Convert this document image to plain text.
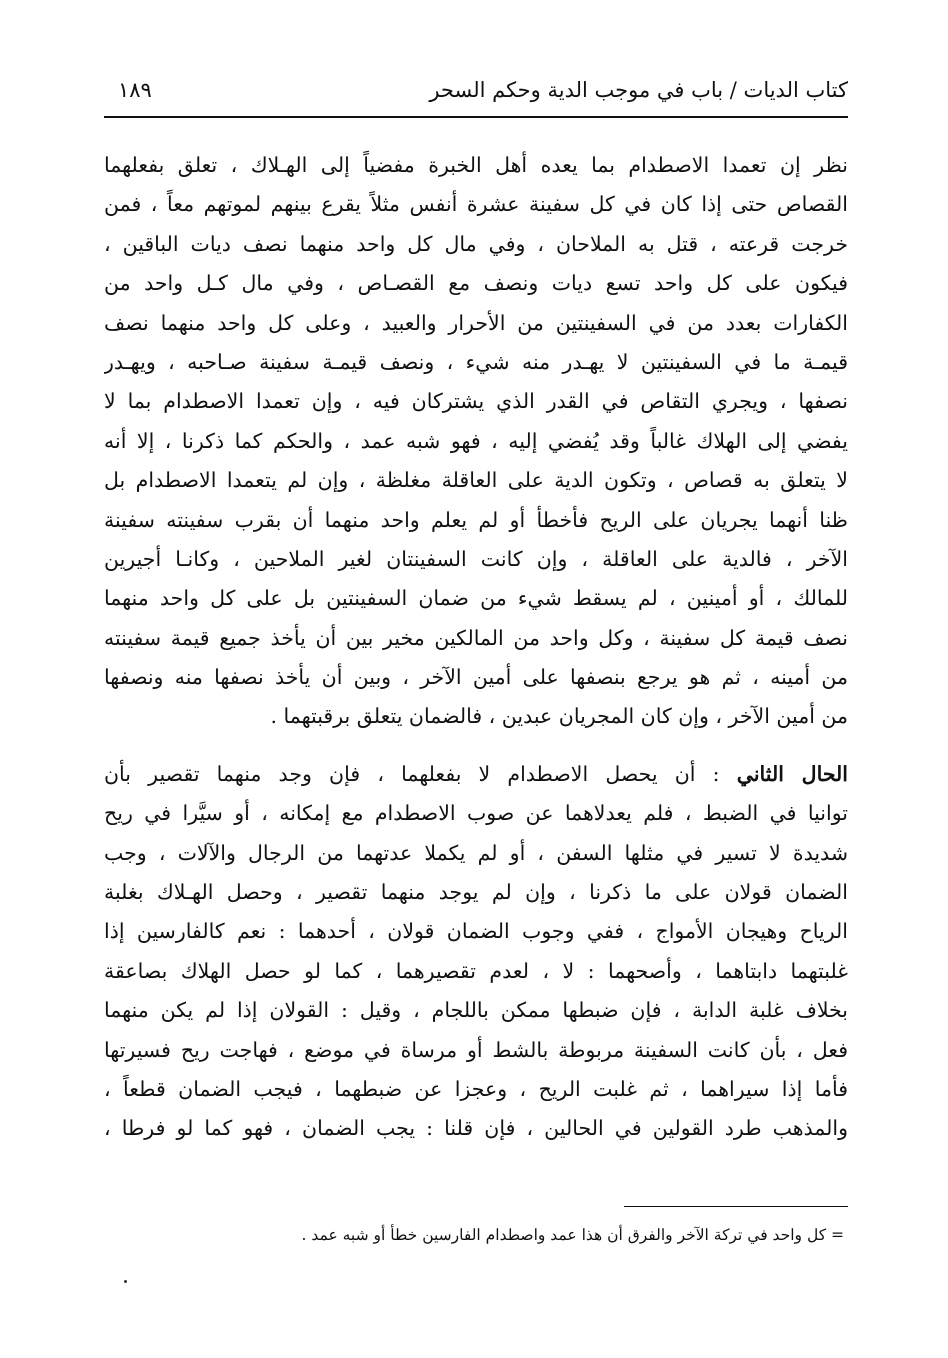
كتاب الديات / باب في موجب الدية وحكم السحر
١٨٩
نظر إن تعمدا الاصطدام بما يعده أهل الخبرة مفضياً إلى الهـلاك ، تعلق بفعلهما
القصاص حتى إذا كان في كل سفينة عشرة أنفس مثلاً يقرع بينهم لموتهم معاً ، فمن
خرجت قرعته ، قتل به الملاحان ، وفي مال كل واحد منهما نصف ديات الباقين ،
فيكون على كل واحد تسع ديات ونصف مع القصـاص ، وفي مال كـل واحد من
الكفارات بعدد من في السفينتين من الأحرار والعبيد ، وعلى كل واحد منهما نصف
قيمـة ما في السفينتين لا يهـدر منه شيء ، ونصف قيمـة سفينة صـاحبه ، ويهـدر
نصفها ، ويجري التقاص في القدر الذي يشتركان فيه ، وإن تعمدا الاصطدام بما لا
يفضي إلى الهلاك غالباً وقد يُفضي إليه ، فهو شبه عمد ، والحكم كما ذكرنا ، إلا أنه
لا يتعلق به قصاص ، وتكون الدية على العاقلة مغلظة ، وإن لم يتعمدا الاصطدام بل
ظنا أنهما يجريان على الريح فأخطأ أو لم يعلم واحد منهما أن بقرب سفينته سفينة
الآخر ، فالدية على العاقلة ، وإن كانت السفينتان لغير الملاحين ، وكانـا أجيرين
للمالك ، أو أمينين ، لم يسقط شيء من ضمان السفينتين بل على كل واحد منهما
نصف قيمة كل سفينة ، وكل واحد من المالكين مخير بين أن يأخذ جميع قيمة سفينته
من أمينه ، ثم هو يرجع بنصفها على أمين الآخر ، وبين أن يأخذ نصفها منه ونصفها
من أمين الآخر ، وإن كان المجريان عبدين ، فالضمان يتعلق برقبتهما .
الحال الثاني : أن يحصل الاصطدام لا بفعلهما ، فإن وجد منهما تقصير بأن
توانيا في الضبط ، فلم يعدلاهما عن صوب الاصطدام مع إمكانه ، أو سيَّرا في ريح
شديدة لا تسير في مثلها السفن ، أو لم يكملا عدتهما من الرجال والآلات ، وجب
الضمان قولان على ما ذكرنا ، وإن لم يوجد منهما تقصير ، وحصل الهـلاك بغلبة
الرياح وهيجان الأمواج ، ففي وجوب الضمان قولان ، أحدهما : نعم كالفارسين إذا
غلبتهما دابتاهما ، وأصحهما : لا ، لعدم تقصيرهما ، كما لو حصل الهلاك بصاعقة
بخلاف غلبة الدابة ، فإن ضبطها ممكن باللجام ، وقيل : القولان إذا لم يكن منهما
فعل ، بأن كانت السفينة مربوطة بالشط أو مرساة في موضع ، فهاجت ريح فسيرتها
فأما إذا سيراهما ، ثم غلبت الريح ، وعجزا عن ضبطهما ، فيجب الضمان قطعاً ،
والمذهب طرد القولين في الحالين ، فإن قلنا : يجب الضمان ، فهو كما لو فرطا ،
= كل واحد في تركة الآخر والفرق أن هذا عمد واصطدام الفارسين خطأ أو شبه عمد .
